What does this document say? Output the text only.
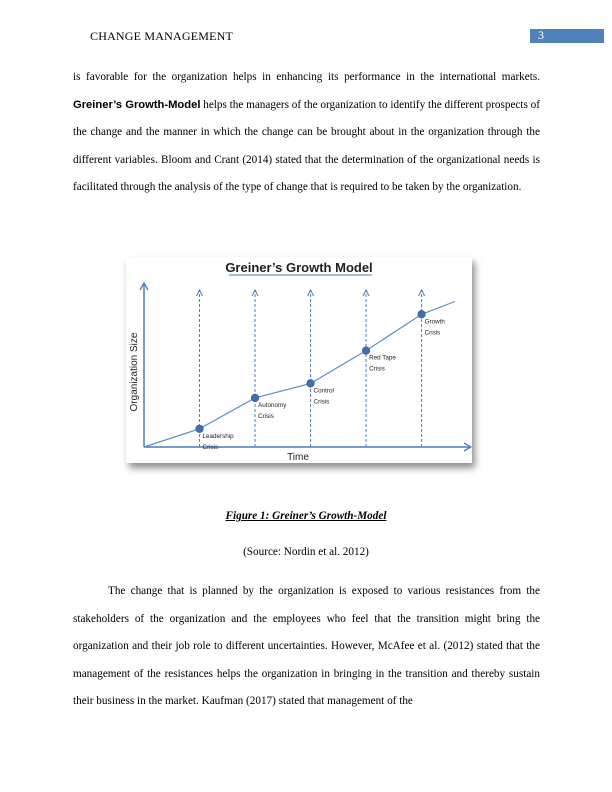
CHANGE MANAGEMENT	3

is favorable for the organization helps in enhancing its performance in the international markets. Greiner’s Growth-Model helps the managers of the organization to identify the different prospects of the change and the manner in which the change can be brought about in the organization through the different variables. Bloom and Crant (2014) stated that the determination of the organizational needs is facilitated through the analysis of the type of change that is required to be taken by the organization.

Greiner’s Growth Model
Organization Size
Time
Leadership
Crisis
Autonomy
Crisis
Control
Crisis
Red Tape
Crisis
Growth
Crisis
Figure 1: Greiner’s Growth-Model
(Source: Nordin et al. 2012)

The change that is planned by the organization is exposed to various resistances from the stakeholders of the organization and the employees who feel that the transition might bring the organization and their job role to different uncertainties. However, McAfee et al. (2012) stated that the management of the resistances helps the organization in bringing in the transition and thereby sustain their business in the market. Kaufman (2017) stated that management of the
